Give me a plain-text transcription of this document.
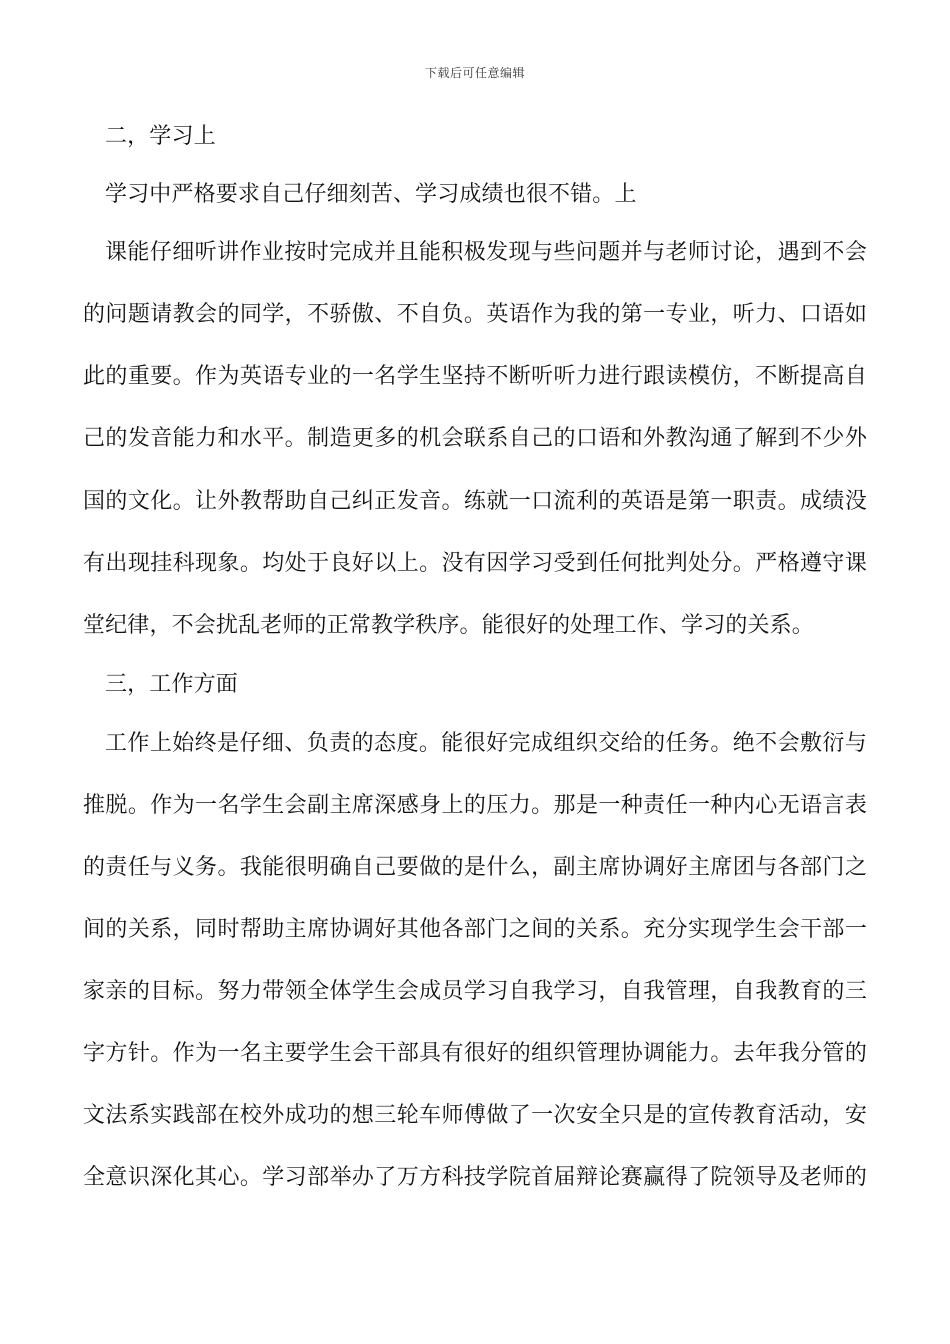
下载后可任意编辑
二，学习上
学习中严格要求自己仔细刻苦、学习成绩也很不错。上
课能仔细听讲作业按时完成并且能积极发现与些问题并与老师讨论，遇到不会
的问题请教会的同学，不骄傲、不自负。英语作为我的第一专业，听力、口语如
此的重要。作为英语专业的一名学生坚持不断听听力进行跟读模仿，不断提高自
己的发音能力和水平。制造更多的机会联系自己的口语和外教沟通了解到不少外
国的文化。让外教帮助自己纠正发音。练就一口流利的英语是第一职责。成绩没
有出现挂科现象。均处于良好以上。没有因学习受到任何批判处分。严格遵守课
堂纪律，不会扰乱老师的正常教学秩序。能很好的处理工作、学习的关系。
三，工作方面
工作上始终是仔细、负责的态度。能很好完成组织交给的任务。绝不会敷衍与
推脱。作为一名学生会副主席深感身上的压力。那是一种责任一种内心无语言表
的责任与义务。我能很明确自己要做的是什么，副主席协调好主席团与各部门之
间的关系，同时帮助主席协调好其他各部门之间的关系。充分实现学生会干部一
家亲的目标。努力带领全体学生会成员学习自我学习，自我管理，自我教育的三
字方针。作为一名主要学生会干部具有很好的组织管理协调能力。去年我分管的
文法系实践部在校外成功的想三轮车师傅做了一次安全只是的宣传教育活动，安
全意识深化其心。学习部举办了万方科技学院首届辩论赛赢得了院领导及老师的
